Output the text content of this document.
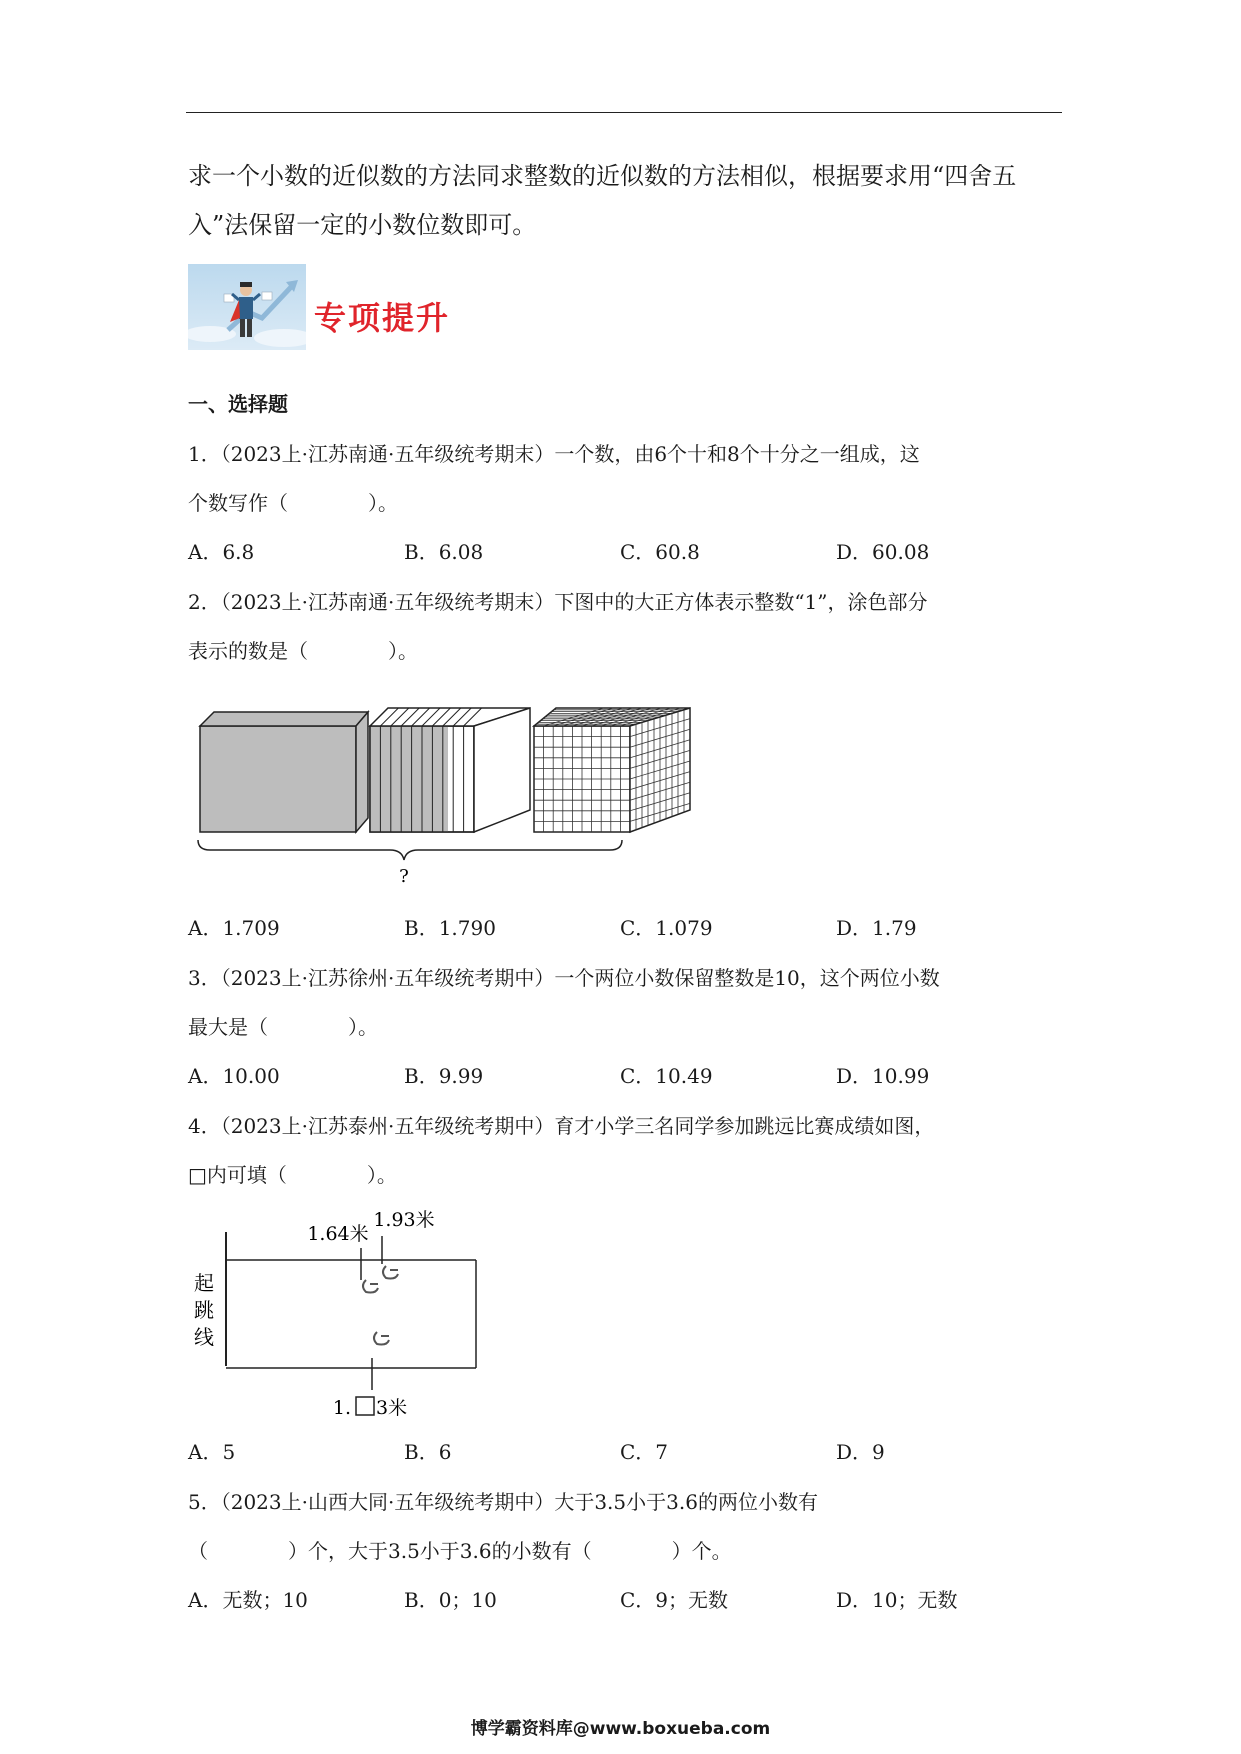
求一个小数的近似数的方法同求整数的近似数的方法相似，根据要求用“四舍五

入”法保留一定的小数位数即可。

专项提升
一、选择题
1．（2023上·江苏南通·五年级统考期末）一个数，由6个十和8个十分之一组成，这
个数写作（　　　　）。
A．6.8	B．6.08	C．60.8	D．60.08
2．（2023上·江苏南通·五年级统考期末）下图中的大正方体表示整数“1”，涂色部分
表示的数是（　　　　）。
?
A．1.709	B．1.790	C．1.079	D．1.79
3．（2023上·江苏徐州·五年级统考期中）一个两位小数保留整数是10，这个两位小数
最大是（　　　　）。
A．10.00	B．9.99	C．10.49	D．10.99
4．（2023上·江苏泰州·五年级统考期中）育才小学三名同学参加跳远比赛成绩如图，
□内可填（　　　　）。
起
跳
线
1.64米
1.93米
1. 3米
A．5	B．6	C．7	D．9
5．（2023上·山西大同·五年级统考期中）大于3.5小于3.6的两位小数有
（　　　　）个，大于3.5小于3.6的小数有（　　　　）个。
A．无数；10	B．0；10	C．9；无数	D．10；无数
博学霸资料库@www.boxueba.com
